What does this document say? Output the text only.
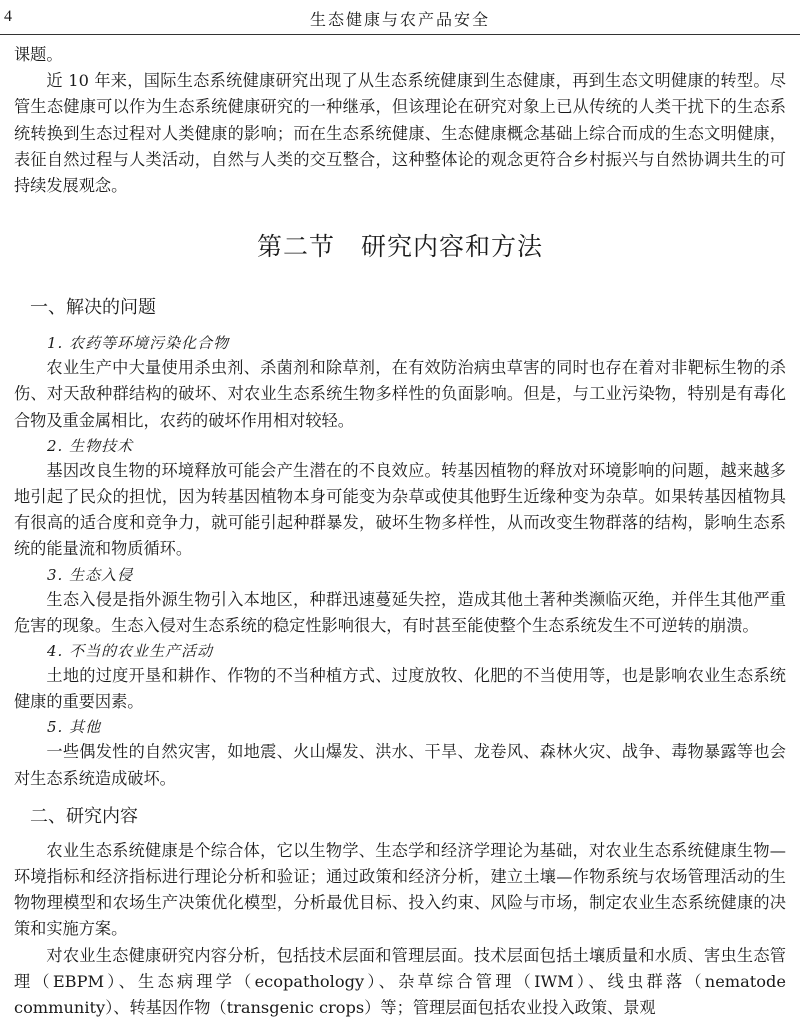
4	生态健康与农产品安全

课题。

近 10 年来，国际生态系统健康研究出现了从生态系统健康到生态健康，再到生态文明健康的转型。尽管生态健康可以作为生态系统健康研究的一种继承，但该理论在研究对象上已从传统的人类干扰下的生态系统转换到生态过程对人类健康的影响；而在生态系统健康、生态健康概念基础上综合而成的生态文明健康，表征自然过程与人类活动，自然与人类的交互整合，这种整体论的观念更符合乡村振兴与自然协调共生的可持续发展观念。

第二节　研究内容和方法
一、解决的问题
1. 农药等环境污染化合物

农业生产中大量使用杀虫剂、杀菌剂和除草剂，在有效防治病虫草害的同时也存在着对非靶标生物的杀伤、对天敌种群结构的破坏、对农业生态系统生物多样性的负面影响。但是，与工业污染物，特别是有毒化合物及重金属相比，农药的破坏作用相对较轻。

2. 生物技术

基因改良生物的环境释放可能会产生潜在的不良效应。转基因植物的释放对环境影响的问题，越来越多地引起了民众的担忧，因为转基因植物本身可能变为杂草或使其他野生近缘种变为杂草。如果转基因植物具有很高的适合度和竞争力，就可能引起种群暴发，破坏生物多样性，从而改变生物群落的结构，影响生态系统的能量流和物质循环。

3. 生态入侵

生态入侵是指外源生物引入本地区，种群迅速蔓延失控，造成其他土著种类濒临灭绝，并伴生其他严重危害的现象。生态入侵对生态系统的稳定性影响很大，有时甚至能使整个生态系统发生不可逆转的崩溃。

4. 不当的农业生产活动

土地的过度开垦和耕作、作物的不当种植方式、过度放牧、化肥的不当使用等，也是影响农业生态系统健康的重要因素。

5. 其他

一些偶发性的自然灾害，如地震、火山爆发、洪水、干旱、龙卷风、森林火灾、战争、毒物暴露等也会对生态系统造成破坏。

二、研究内容

农业生态系统健康是个综合体，它以生物学、生态学和经济学理论为基础，对农业生态系统健康生物—环境指标和经济指标进行理论分析和验证；通过政策和经济分析，建立土壤—作物系统与农场管理活动的生物物理模型和农场生产决策优化模型，分析最优目标、投入约束、风险与市场，制定农业生态系统健康的决策和实施方案。

对农业生态健康研究内容分析，包括技术层面和管理层面。技术层面包括土壤质量和水质、害虫生态管理（EBPM）、生态病理学（ecopathology）、杂草综合管理（IWM）、线虫群落（nematode community）、转基因作物（transgenic crops）等；管理层面包括农业投入政策、景观
